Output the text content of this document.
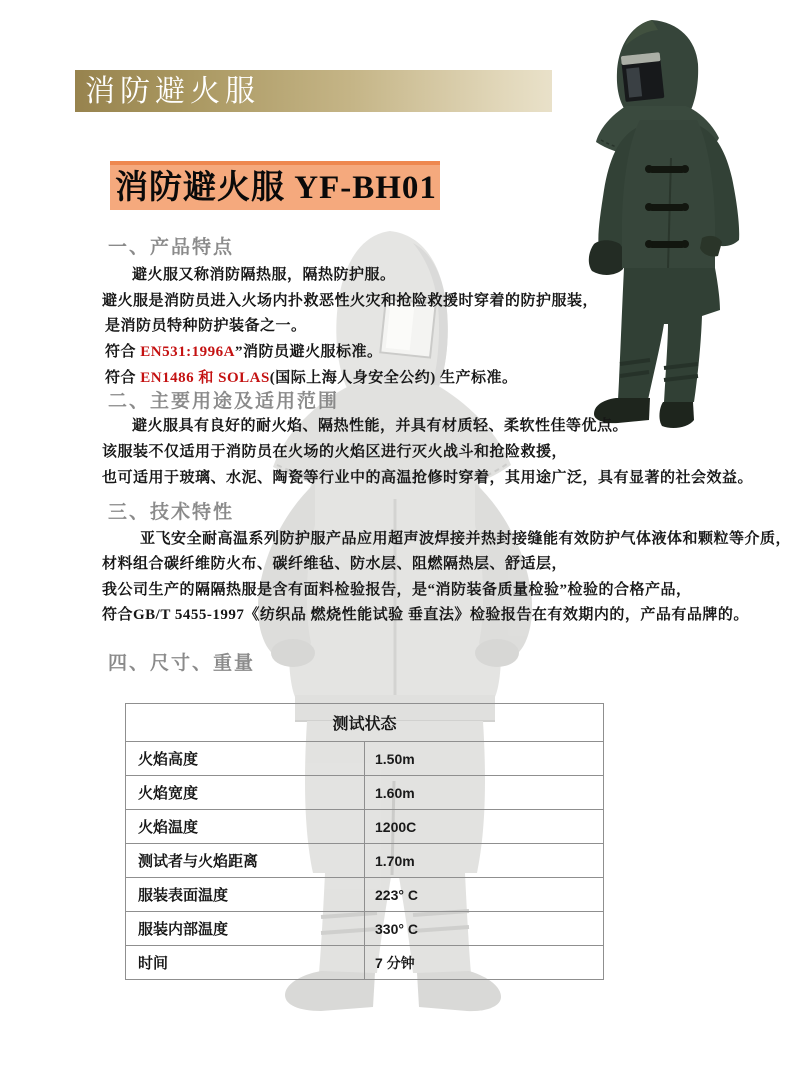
消防避火服
消防避火服 YF-BH01
一、产品特点
避火服又称消防隔热服，隔热防护服。
避火服是消防员进入火场内扑救恶性火灾和抢险救援时穿着的防护服装，
是消防员特种防护装备之一。
符合 EN531:1996A”消防员避火服标准。
符合 EN1486 和 SOLAS(国际上海人身安全公约) 生产标准。
二、主要用途及适用范围
避火服具有良好的耐火焰、隔热性能，并具有材质轻、柔软性佳等优点。
该服装不仅适用于消防员在火场的火焰区进行灭火战斗和抢险救援，
也可适用于玻璃、水泥、陶瓷等行业中的高温抢修时穿着，其用途广泛，具有显著的社会效益。
三、技术特性
亚飞安全耐高温系列防护服产品应用超声波焊接并热封接缝能有效防护气体液体和颗粒等介质，
材料组合碳纤维防火布、碳纤维毡、防水层、阻燃隔热层、舒适层，
我公司生产的隔隔热服是含有面料检验报告，是“消防装备质量检验”检验的合格产品，
符合GB/T 5455-1997《纺织品 燃烧性能试验 垂直法》检验报告在有效期内的，产品有品牌的。
四、尺寸、重量
测试状态	
火焰高度	1.50m
火焰宽度	1.60m
火焰温度	1200C
测试者与火焰距离	1.70m
服装表面温度	223° C
服装内部温度	330° C
时间	7 分钟
